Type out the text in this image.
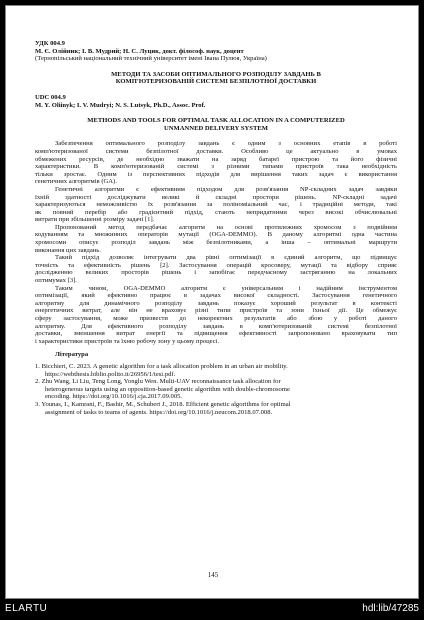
УДК 004.9
М. Є. Олійник; І. В. Мудрий; Н. С. Луцик, докт. філософ. наук, доцент
(Тернопільський національний технічний університет імені Івана Пулюя, Україна)
МЕТОДИ ТА ЗАСОБИ ОПТИМАЛЬНОГО РОЗПОДІЛУ ЗАВДАНЬ В
КОМП'ЮТЕРИЗОВАНІЙ СИСТЕМІ БЕЗПІЛОТНОЇ ДОСТАВКИ
UDC 004.9
M. Y. Oliinyk; I. V. Mudryi; N. S. Lutsyk, Ph.D., Assoc. Prof.
METHODS AND TOOLS FOR OPTIMAL TASK ALLOCATION IN A COMPUTERIZED
UNMANNED DELIVERY SYSTEM
Забезпечення оптимального розподілу завдань є одним з основних етапів в роботі
комп'ютеризованої системи безпілотної доставки. Особливо це актуально в умовах
обмежених ресурсів, де необхідно зважати на заряд батареї пристрою та його фізичні
характеристики. В комп'ютеризованій системі з різними типами пристроїв така необхідність
тільки зростає. Одним із перспективних підходів для вирішення таких задач є використання
генетичних алгоритмів (GA).
Генетичні алгоритми є ефективним підходом для розв'язання NP-складних задач завдяки
їхній здатності досліджувати великі й складні простори рішень. NP-складні задачі
характеризуються неможливістю їх розв'язання за поліноміальний час, і традиційні методи, такі
як повний перебір або градієнтний підхід, стають непридатними через високі обчислювальні
витрати при збільшенні розміру задачі [1].
Пропонований метод передбачає алгоритм на основі протилежних хромосом з подвійним
кодуванням та множинних операторів мутації (OGA-DEMMO). В даному алгоритмі одна частина
хромосоми описує розподіл завдань між безпілотниками, а інша – оптимальні маршрути
виконання цих завдань.
Такий підхід дозволяє інтегрувати два рівні оптимізації в єдиний алгоритм, що підвищує
точність та ефективність рішень [2]. Застосування операцій кросоверу, мутації та відбору сприяє
дослідженню великих просторів рішень і запобігає передчасному застряганню на локальних
оптимумах [3].
Таким чином, OGA-DEMMO алгоритм є універсальним і надійним інструментом
оптимізації, який ефективно працює в задачах високої складності. Застосування генетичного
алгоритму для динамічного розподілу завдань показує хороший результат в контексті
енергетичних витрат, але він не враховує різні типи пристроїв та зони їхньої дії. Це обмежує
сферу застосування, може призвести до некоректних результатів або збою у роботі даного
алгоритму. Для ефективного розподілу завдань в комп'ютеризованій системі безпілотної
доставки, зменшення витрат енергії та підвищення ефективності запропоновано враховувати тип
і характеристики пристроїв та їхню робочу зону у цьому процесі.
Література
1. Bicchieri, C. 2023. A genetic algorithm for a task allocation problem in an urban air mobility.
https://webthesis.biblio.polito.it/26956/1/tesi.pdf.
2. Zhu Wang, Li Liu, Teng Long, Yonglu Wen. Multi-UAV reconnaissance task allocation for
heterogeneous targets using an opposition-based genetic algorithm with double-chromosome
encoding. https://doi.org/10.1016/j.cja.2017.09.005.
3. Younas, I., Kamrani, F., Bashir, M., Schubert J., 2018. Efficient genetic algorithms for optimal
assignment of tasks to teams of agents. https://doi.org/10.1016/j.neucom.2018.07.008.
145
ELARTU	hdl:lib/47285
